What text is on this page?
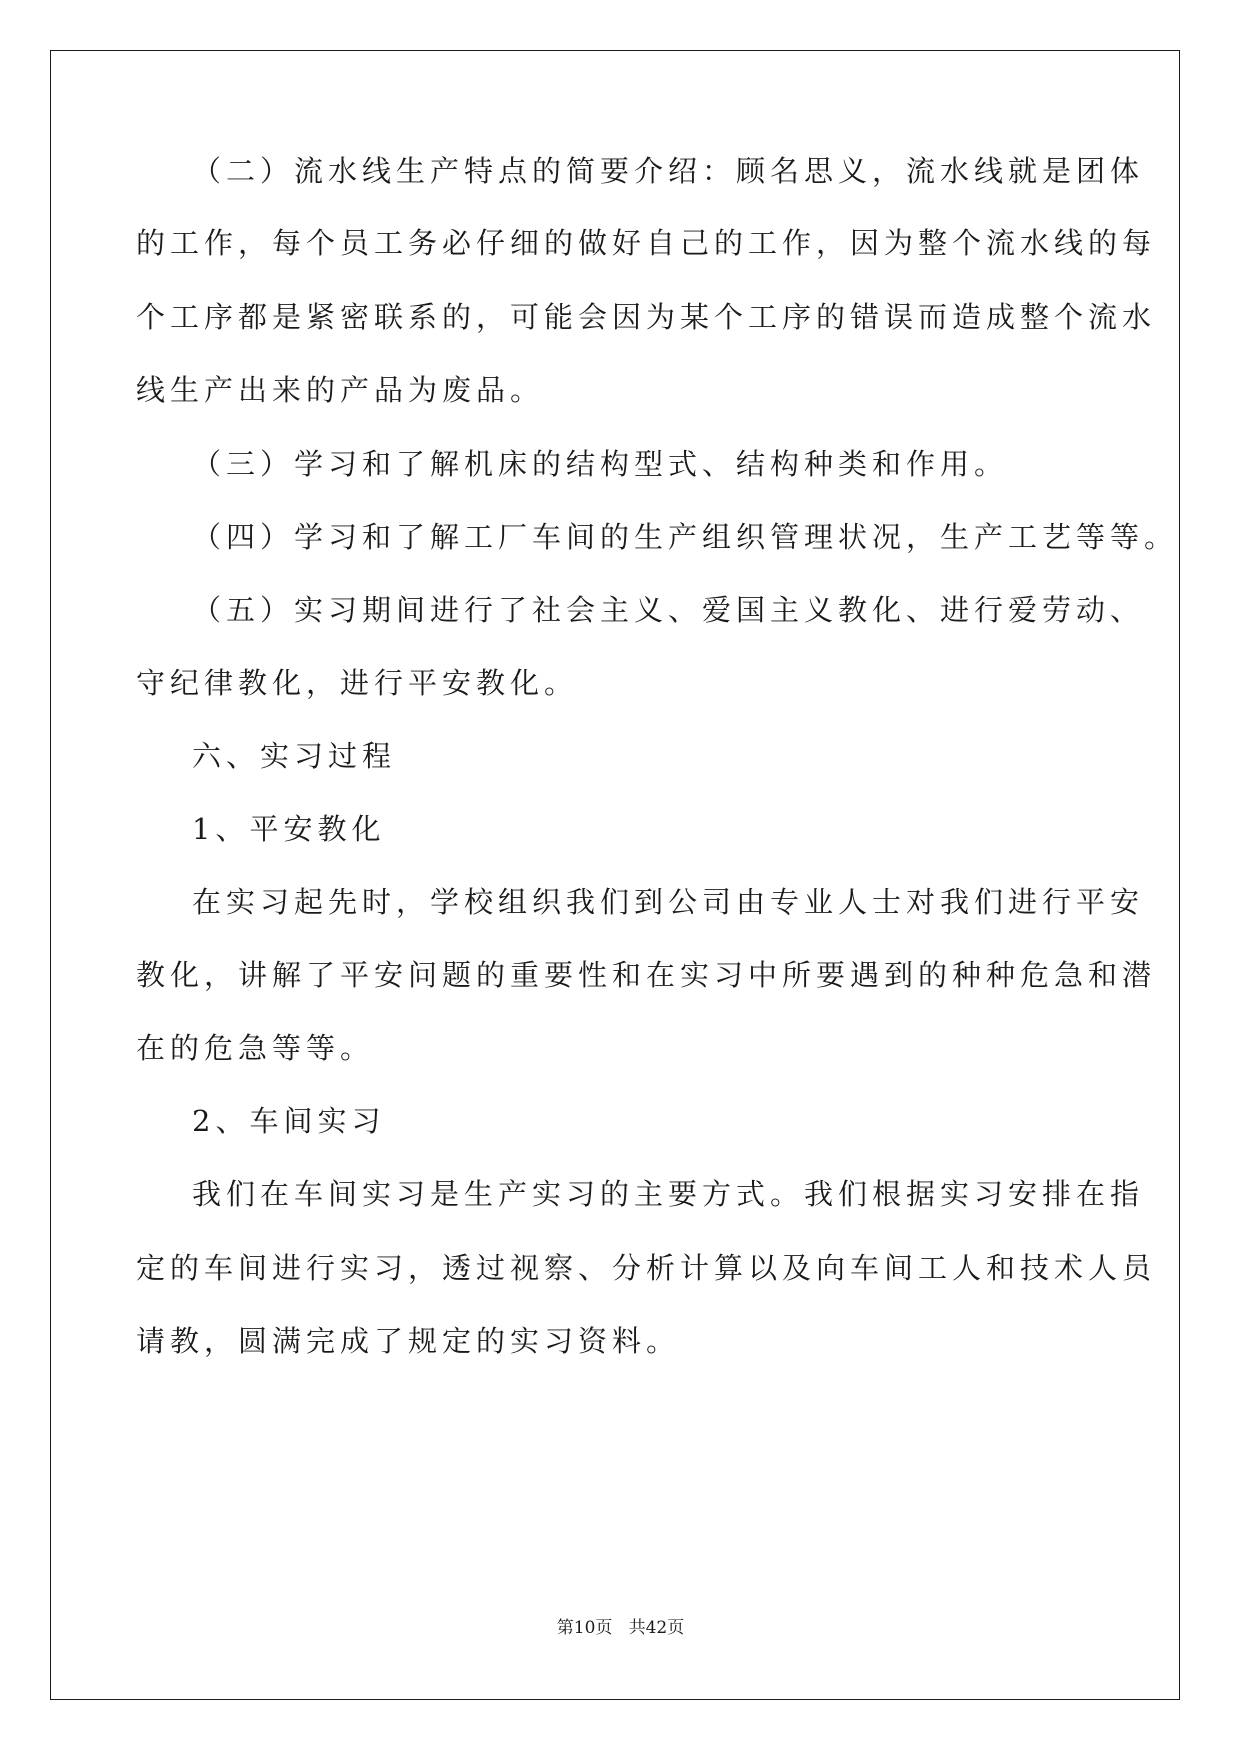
（二）流水线生产特点的简要介绍：顾名思义，流水线就是团体
的工作，每个员工务必仔细的做好自己的工作，因为整个流水线的每
个工序都是紧密联系的，可能会因为某个工序的错误而造成整个流水
线生产出来的产品为废品。
（三）学习和了解机床的结构型式、结构种类和作用。
（四）学习和了解工厂车间的生产组织管理状况，生产工艺等等。
（五）实习期间进行了社会主义、爱国主义教化、进行爱劳动、
守纪律教化，进行平安教化。
六、实习过程
1、平安教化
在实习起先时，学校组织我们到公司由专业人士对我们进行平安
教化，讲解了平安问题的重要性和在实习中所要遇到的种种危急和潜
在的危急等等。
2、车间实习
我们在车间实习是生产实习的主要方式。我们根据实习安排在指
定的车间进行实习，透过视察、分析计算以及向车间工人和技术人员
请教，圆满完成了规定的实习资料。
第10页   共42页
